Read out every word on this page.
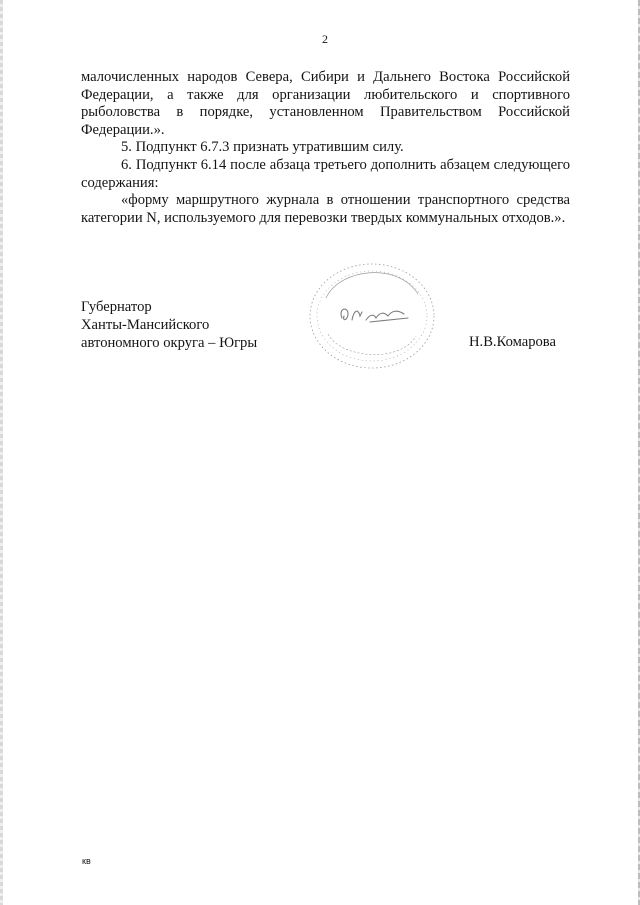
2

малочисленных народов Севера, Сибири и Дальнего Востока Российской Федерации, а также для организации любительского и спортивного рыболовства в порядке, установленном Правительством Российской Федерации.».

5. Подпункт 6.7.3 признать утратившим силу.

6. Подпункт 6.14 после абзаца третьего дополнить абзацем следующего содержания:

«форму маршрутного журнала в отношении транспортного средства категории N, используемого для перевозки твердых коммунальных отходов.».

Губернатор
Ханты-Мансийского
автономного округа – Югры	Н.В.Комарова
кв
